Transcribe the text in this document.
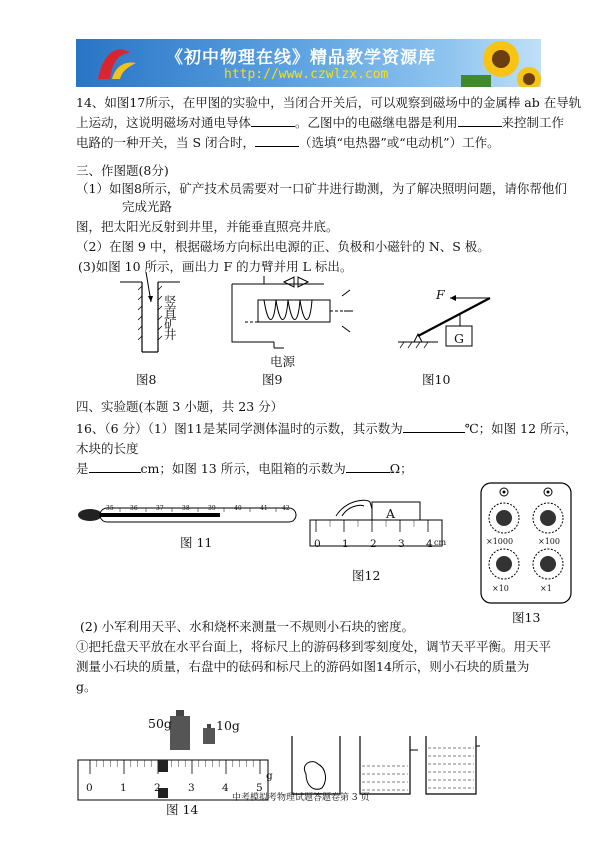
《初中物理在线》精品教学资源库
http://www.czwlzx.com
14、如图17所示，在甲图的实验中，当闭合开关后，可以观察到磁场中的金属棒 ab 在导轨
上运动，这说明磁场对通电导体	。乙图中的电磁继电器是利用	来控制工作
电路的一种开关，当 S 闭合时，	（选填“电热器”或“电动机”）工作。
三、作图题(8分)
（1）如图8所示，矿产技术员需要对一口矿井进行勘测，为了解决照明问题，请你帮他们
完成光路
图，把太阳光反射到井里，并能垂直照亮井底。
（2）在图 9 中，根据磁场方向标出电源的正、负极和小磁针的 N、S 极。
(3)如图 10 所示，画出力 F 的力臂并用 L 标出。
竖直矿井
图8
电源
图9
F
G
图10
四、实验题(本题 3 小题，共 23 分）
16、（6 分）（1）图11是某同学测体温时的示数，其示数为	℃；如图 12 所示，
木块的长度
是	cm；如图 13 所示，电阻箱的示数为	Ω；
35	36	37	38	39	40	41 42
图 11
A
0 1 2 3 4 cm
图12
×1000	×100
×10	×1
图13
(2) 小军利用天平、水和烧杯来测量一不规则小石块的密度。
①把托盘天平放在水平台面上，将标尺上的游码移到零刻度处，调节天平平衡。用天平
测量小石块的质量，右盘中的砝码和标尺上的游码如图14所示，则小石块的质量为
g。
50g	10g
0	1	2	3	4	5
g
图 14
中考模拟考物理试题答题卷第 3 页
